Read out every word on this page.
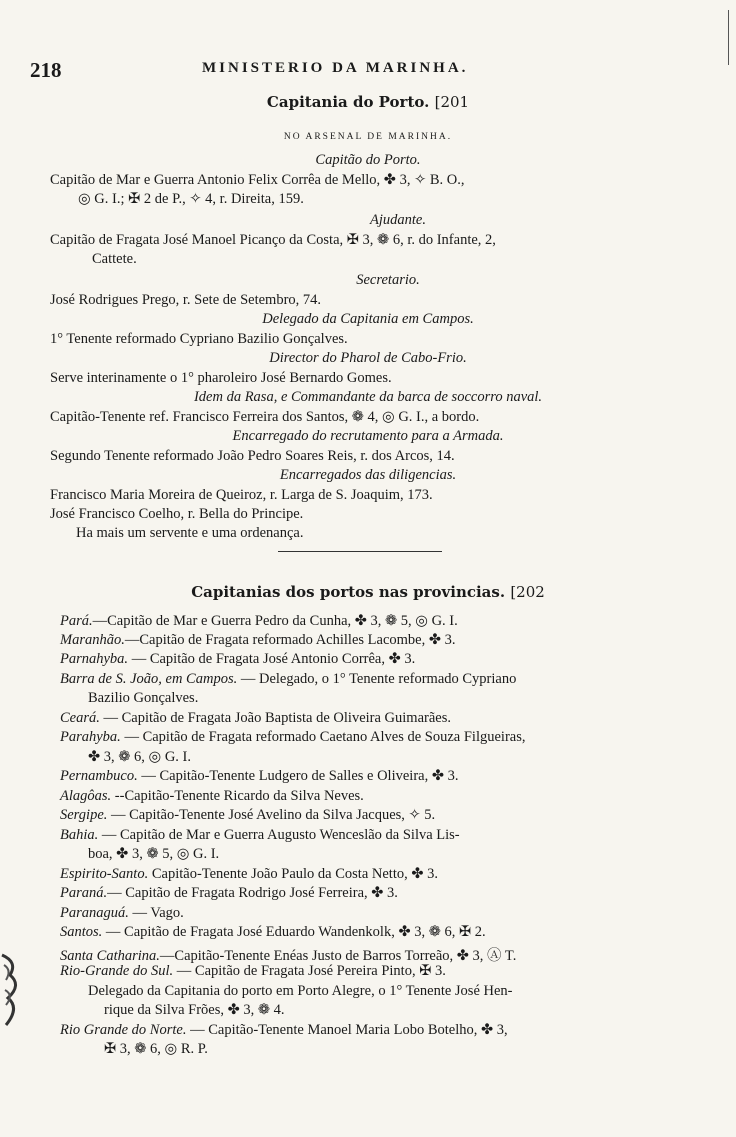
218	MINISTERIO DA MARINHA.
Capitania do Porto. [201
NO ARSENAL DE MARINHA.
Capitão do Porto.
Capitão de Mar e Guerra Antonio Felix Corrêa de Mello, ✤ 3, ✧ B. O.,
◎ G. I.; ✠ 2 de P., ✧ 4, r. Direita, 159.
Ajudante.
Capitão de Fragata José Manoel Picanço da Costa, ✠ 3, ❁ 6, r. do Infante, 2,
Cattete.
Secretario.
José Rodrigues Prego, r. Sete de Setembro, 74.
Delegado da Capitania em Campos.
1° Tenente reformado Cypriano Bazilio Gonçalves.
Director do Pharol de Cabo-Frio.
Serve interinamente o 1° pharoleiro José Bernardo Gomes.
Idem da Rasa, e Commandante da barca de soccorro naval.
Capitão-Tenente ref. Francisco Ferreira dos Santos, ❁ 4, ◎ G. I., a bordo.
Encarregado do recrutamento para a Armada.
Segundo Tenente reformado João Pedro Soares Reis, r. dos Arcos, 14.
Encarregados das diligencias.
Francisco Maria Moreira de Queiroz, r. Larga de S. Joaquim, 173.
José Francisco Coelho, r. Bella do Principe.
Ha mais um servente e uma ordenança.
Capitanias dos portos nas provincias. [202
Pará.—Capitão de Mar e Guerra Pedro da Cunha, ✤ 3, ❁ 5, ◎ G. I.
Maranhão.—Capitão de Fragata reformado Achilles Lacombe, ✤ 3.
Parnahyba. — Capitão de Fragata José Antonio Corrêa, ✤ 3.
Barra de S. João, em Campos. — Delegado, o 1° Tenente reformado Cypriano
Bazilio Gonçalves.
Ceará. — Capitão de Fragata João Baptista de Oliveira Guimarães.
Parahyba. — Capitão de Fragata reformado Caetano Alves de Souza Filgueiras,
✤ 3, ❁ 6, ◎ G. I.
Pernambuco. — Capitão-Tenente Ludgero de Salles e Oliveira, ✤ 3.
Alagôas. --Capitão-Tenente Ricardo da Silva Neves.
Sergipe. — Capitão-Tenente José Avelino da Silva Jacques, ✧ 5.
Bahia. — Capitão de Mar e Guerra Augusto Wenceslão da Silva Lis-
boa, ✤ 3, ❁ 5, ◎ G. I.
Espirito-Santo. Capitão-Tenente João Paulo da Costa Netto, ✤ 3.
Paraná.— Capitão de Fragata Rodrigo José Ferreira, ✤ 3.
Paranaguá. — Vago.
Santos. — Capitão de Fragata José Eduardo Wandenkolk, ✤ 3, ❁ 6, ✠ 2.
Santa Catharina.—Capitão-Tenente Enéas Justo de Barros Torreão, ✤ 3, Ⓐ T.
Rio-Grande do Sul. — Capitão de Fragata José Pereira Pinto, ✠ 3.
Delegado da Capitania do porto em Porto Alegre, o 1° Tenente José Hen-
rique da Silva Frões, ✤ 3, ❁ 4.
Rio Grande do Norte. — Capitão-Tenente Manoel Maria Lobo Botelho, ✤ 3,
✠ 3, ❁ 6, ◎ R. P.
